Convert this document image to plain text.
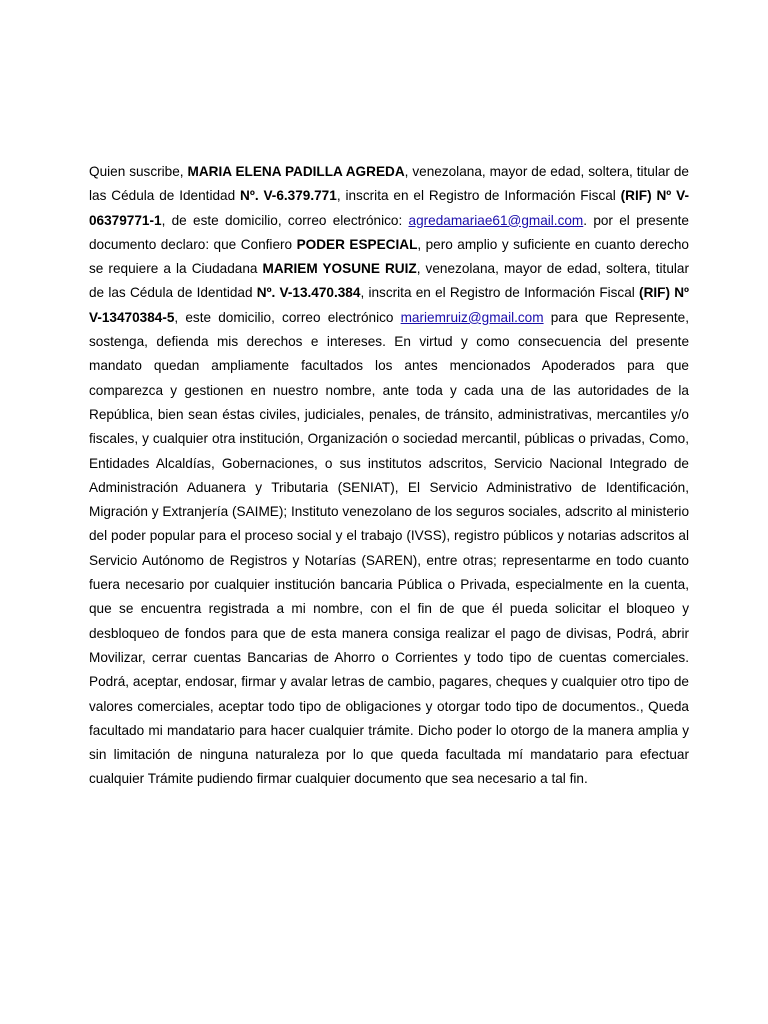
Quien suscribe, MARIA ELENA PADILLA AGREDA, venezolana, mayor de edad, soltera, titular de las Cédula de Identidad Nº. V-6.379.771, inscrita en el Registro de Información Fiscal (RIF) Nº V-06379771-1, de este domicilio, correo electrónico: agredamariae61@gmail.com. por el presente documento declaro: que Confiero PODER ESPECIAL, pero amplio y suficiente en cuanto derecho se requiere a la Ciudadana MARIEM YOSUNE RUIZ, venezolana, mayor de edad, soltera, titular de las Cédula de Identidad Nº. V-13.470.384, inscrita en el Registro de Información Fiscal (RIF) Nº V-13470384-5, este domicilio, correo electrónico mariemruiz@gmail.com para que Represente, sostenga, defienda mis derechos e intereses. En virtud y como consecuencia del presente mandato quedan ampliamente facultados los antes mencionados Apoderados para que comparezca y gestionen en nuestro nombre, ante toda y cada una de las autoridades de la República, bien sean éstas civiles, judiciales, penales, de tránsito, administrativas, mercantiles y/o fiscales, y cualquier otra institución, Organización o sociedad mercantil, públicas o privadas, Como, Entidades Alcaldías, Gobernaciones, o sus institutos adscritos, Servicio Nacional Integrado de Administración Aduanera y Tributaria (SENIAT), El Servicio Administrativo de Identificación, Migración y Extranjería (SAIME); Instituto venezolano de los seguros sociales, adscrito al ministerio del poder popular para el proceso social y el trabajo (IVSS), registro públicos y notarias adscritos al Servicio Autónomo de Registros y Notarías (SAREN), entre otras; representarme en todo cuanto fuera necesario por cualquier institución bancaria Pública o Privada, especialmente en la cuenta, que se encuentra registrada a mi nombre, con el fin de que él pueda solicitar el bloqueo y desbloqueo de fondos para que de esta manera consiga realizar el pago de divisas, Podrá, abrir Movilizar, cerrar cuentas Bancarias de Ahorro o Corrientes y todo tipo de cuentas comerciales. Podrá, aceptar, endosar, firmar y avalar letras de cambio, pagares, cheques y cualquier otro tipo de valores comerciales, aceptar todo tipo de obligaciones y otorgar todo tipo de documentos., Queda facultado mi mandatario para hacer cualquier trámite. Dicho poder lo otorgo de la manera amplia y sin limitación de ninguna naturaleza por lo que queda facultada mí mandatario para efectuar cualquier Trámite pudiendo firmar cualquier documento que sea necesario a tal fin.
